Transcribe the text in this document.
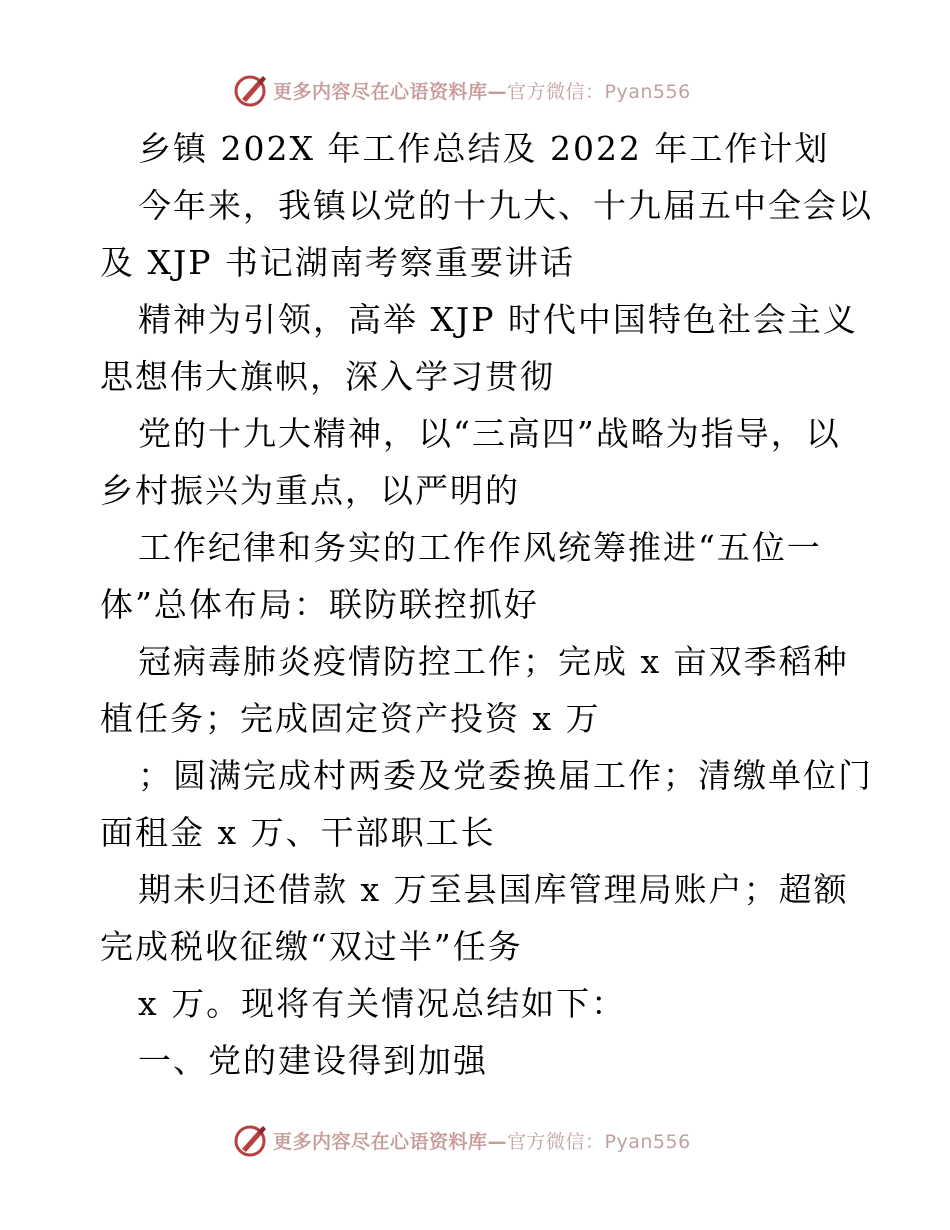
更多内容尽在心语资料库—官方微信：Pyan556

乡镇 202X 年工作总结及 2022 年工作计划

今年来，我镇以党的十九大、十九届五中全会以

及 XJP 书记湖南考察重要讲话

精神为引领，高举 XJP 时代中国特色社会主义

思想伟大旗帜，深入学习贯彻

党的十九大精神，以“三高四”战略为指导，以

乡村振兴为重点，以严明的

工作纪律和务实的工作作风统筹推进“五位一

体”总体布局：联防联控抓好

冠病毒肺炎疫情防控工作；完成 x 亩双季稻种

植任务；完成固定资产投资 x 万

；圆满完成村两委及党委换届工作；清缴单位门

面租金 x 万、干部职工长

期未归还借款 x 万至县国库管理局账户；超额

完成税收征缴“双过半”任务

x 万。现将有关情况总结如下：

一、党的建设得到加强

更多内容尽在心语资料库—官方微信：Pyan556
